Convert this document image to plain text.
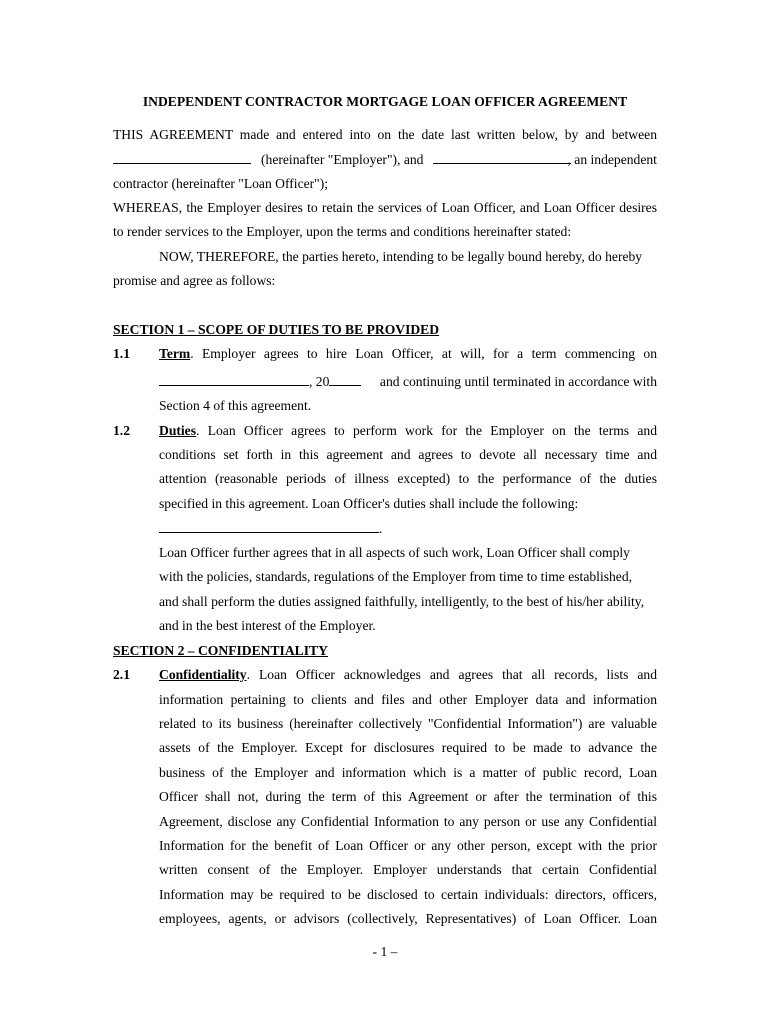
INDEPENDENT CONTRACTOR MORTGAGE LOAN OFFICER AGREEMENT
THIS AGREEMENT made and entered into on the date last written below, by and between
(hereinafter "Employer"), and	, an independent
contractor (hereinafter "Loan Officer");
WHEREAS, the Employer desires to retain the services of Loan Officer, and Loan Officer desires
to render services to the Employer, upon the terms and conditions hereinafter stated:
NOW, THEREFORE, the parties hereto, intending to be legally bound hereby, do hereby
promise and agree as follows:
SECTION 1 – SCOPE OF DUTIES TO BE PROVIDED
1.1 Term. Employer agrees to hire Loan Officer, at will, for a term commencing on
, 20	and continuing until terminated in accordance with
Section 4 of this agreement.
1.2 Duties. Loan Officer agrees to perform work for the Employer on the terms and
conditions set forth in this agreement and agrees to devote all necessary time and
attention (reasonable periods of illness excepted) to the performance of the duties
specified in this agreement. Loan Officer's duties shall include the following:
.
Loan Officer further agrees that in all aspects of such work, Loan Officer shall comply
with the policies, standards, regulations of the Employer from time to time established,
and shall perform the duties assigned faithfully, intelligently, to the best of his/her ability,
and in the best interest of the Employer.
SECTION 2 – CONFIDENTIALITY
2.1 Confidentiality. Loan Officer acknowledges and agrees that all records, lists and
information pertaining to clients and files and other Employer data and information
related to its business (hereinafter collectively "Confidential Information") are valuable
assets of the Employer. Except for disclosures required to be made to advance the
business of the Employer and information which is a matter of public record, Loan
Officer shall not, during the term of this Agreement or after the termination of this
Agreement, disclose any Confidential Information to any person or use any Confidential
Information for the benefit of Loan Officer or any other person, except with the prior
written consent of the Employer. Employer understands that certain Confidential
Information may be required to be disclosed to certain individuals: directors, officers,
employees, agents, or advisors (collectively, Representatives) of Loan Officer. Loan
- 1 –
